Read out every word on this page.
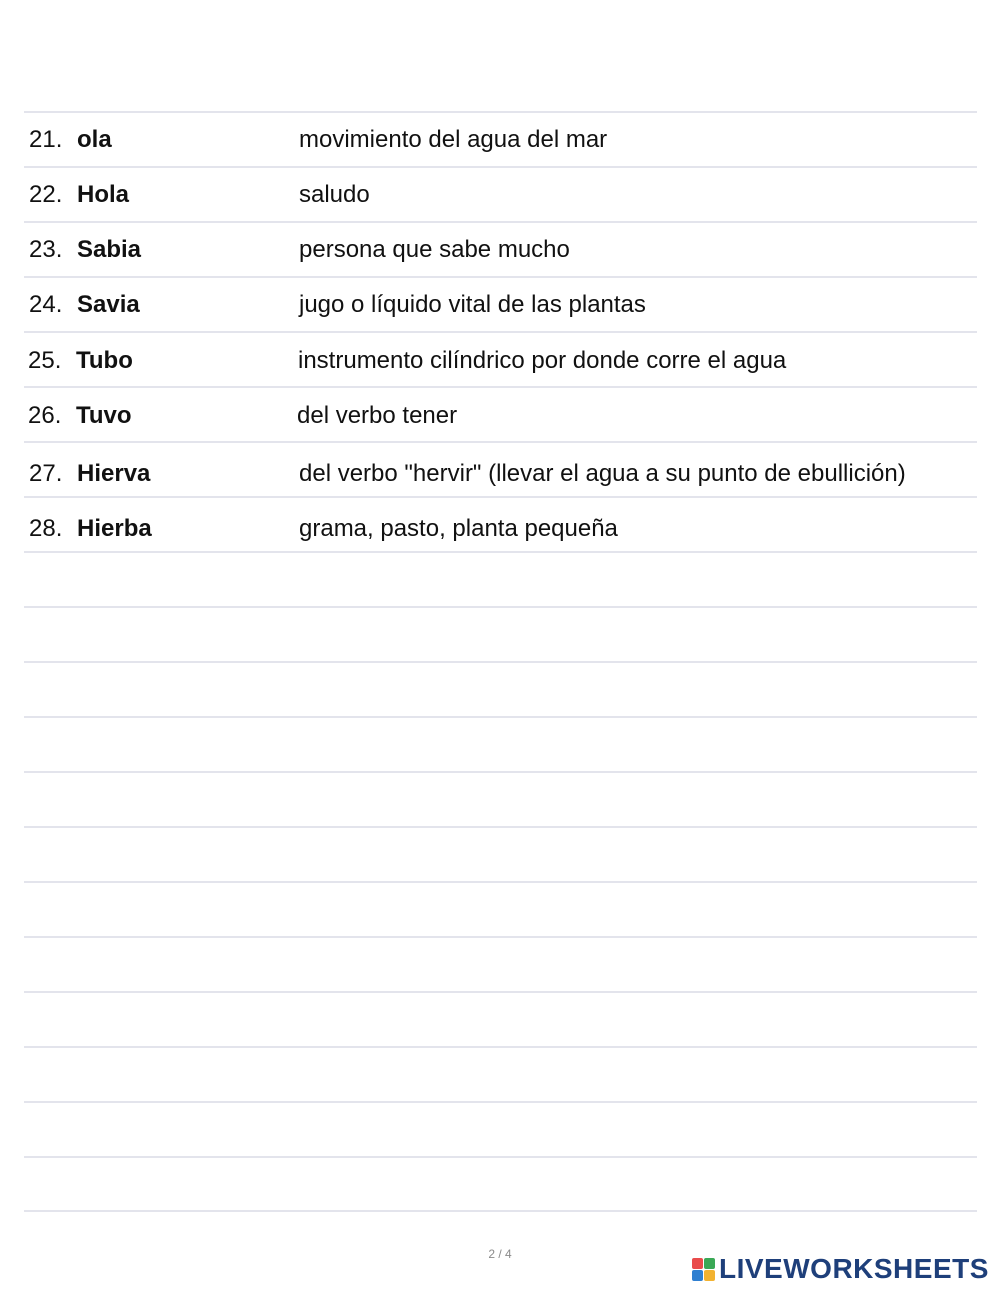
21. ola	movimiento del agua del mar
22. Hola	saludo
23. Sabia	persona que sabe mucho
24. Savia	jugo o líquido vital de las plantas
25. Tubo	instrumento cilíndrico por donde corre el agua
26. Tuvo	del verbo tener
27. Hierva	del verbo "hervir" (llevar el agua a su punto de ebullición)
28. Hierba	grama, pasto, planta pequeña
2 / 4	LIVEWORKSHEETS
